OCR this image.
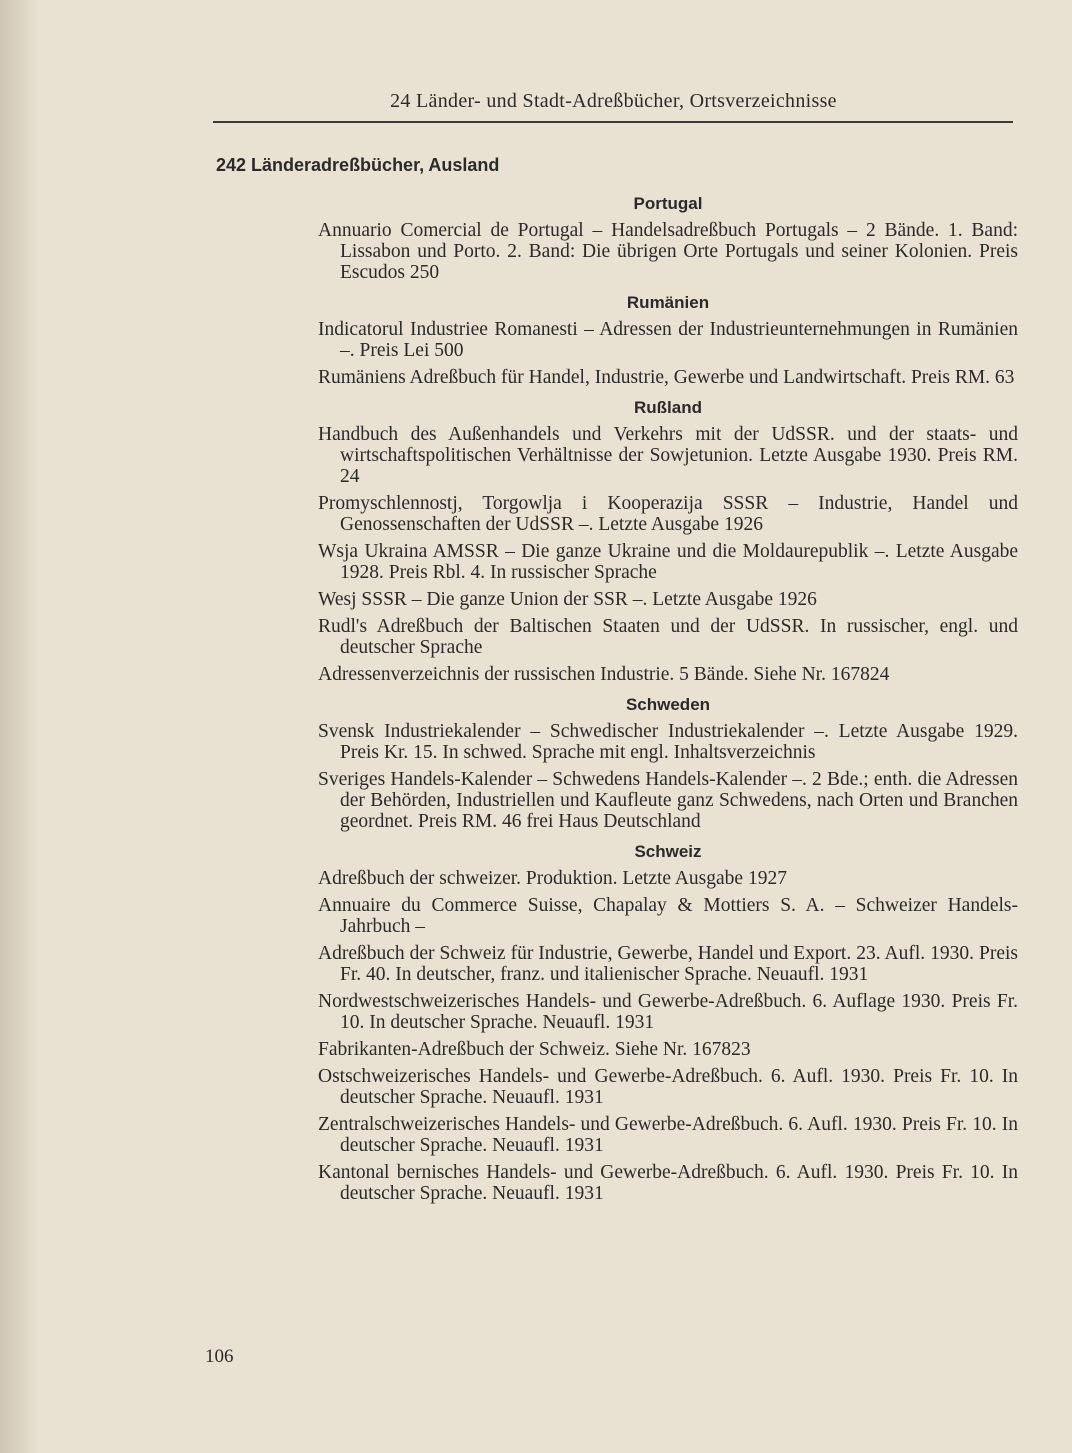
24 Länder- und Stadt-Adreßbücher, Ortsverzeichnisse
242 Länderadreßbücher, Ausland
Portugal

Annuario Comercial de Portugal – Handelsadreßbuch Portugals – 2 Bände. 1. Band: Lissabon und Porto. 2. Band: Die übrigen Orte Portugals und seiner Kolonien. Preis Escudos 250

Rumänien

Indicatorul Industriee Romanesti – Adressen der Industrieunternehmungen in Rumänien –. Preis Lei 500

Rumäniens Adreßbuch für Handel, Industrie, Gewerbe und Landwirtschaft. Preis RM. 63

Rußland

Handbuch des Außenhandels und Verkehrs mit der UdSSR. und der staats- und wirtschaftspolitischen Verhältnisse der Sowjetunion. Letzte Ausgabe 1930. Preis RM. 24

Promyschlennostj, Torgowlja i Kooperazija SSSR – Industrie, Handel und Genossenschaften der UdSSR –. Letzte Ausgabe 1926

Wsja Ukraina AMSSR – Die ganze Ukraine und die Moldaurepublik –. Letzte Ausgabe 1928. Preis Rbl. 4. In russischer Sprache

Wesj SSSR – Die ganze Union der SSR –. Letzte Ausgabe 1926

Rudl's Adreßbuch der Baltischen Staaten und der UdSSR. In russischer, engl. und deutscher Sprache

Adressenverzeichnis der russischen Industrie. 5 Bände. Siehe Nr. 167824

Schweden

Svensk Industriekalender – Schwedischer Industriekalender –. Letzte Ausgabe 1929. Preis Kr. 15. In schwed. Sprache mit engl. Inhaltsverzeichnis

Sveriges Handels-Kalender – Schwedens Handels-Kalender –. 2 Bde.; enth. die Adressen der Behörden, Industriellen und Kaufleute ganz Schwedens, nach Orten und Branchen geordnet. Preis RM. 46 frei Haus Deutschland

Schweiz

Adreßbuch der schweizer. Produktion. Letzte Ausgabe 1927

Annuaire du Commerce Suisse, Chapalay & Mottiers S. A. – Schweizer Handels-Jahrbuch –

Adreßbuch der Schweiz für Industrie, Gewerbe, Handel und Export. 23. Aufl. 1930. Preis Fr. 40. In deutscher, franz. und italienischer Sprache. Neuaufl. 1931

Nordwestschweizerisches Handels- und Gewerbe-Adreßbuch. 6. Auflage 1930. Preis Fr. 10. In deutscher Sprache. Neuaufl. 1931

Fabrikanten-Adreßbuch der Schweiz. Siehe Nr. 167823

Ostschweizerisches Handels- und Gewerbe-Adreßbuch. 6. Aufl. 1930. Preis Fr. 10. In deutscher Sprache. Neuaufl. 1931

Zentralschweizerisches Handels- und Gewerbe-Adreßbuch. 6. Aufl. 1930. Preis Fr. 10. In deutscher Sprache. Neuaufl. 1931

Kantonal bernisches Handels- und Gewerbe-Adreßbuch. 6. Aufl. 1930. Preis Fr. 10. In deutscher Sprache. Neuaufl. 1931

106
